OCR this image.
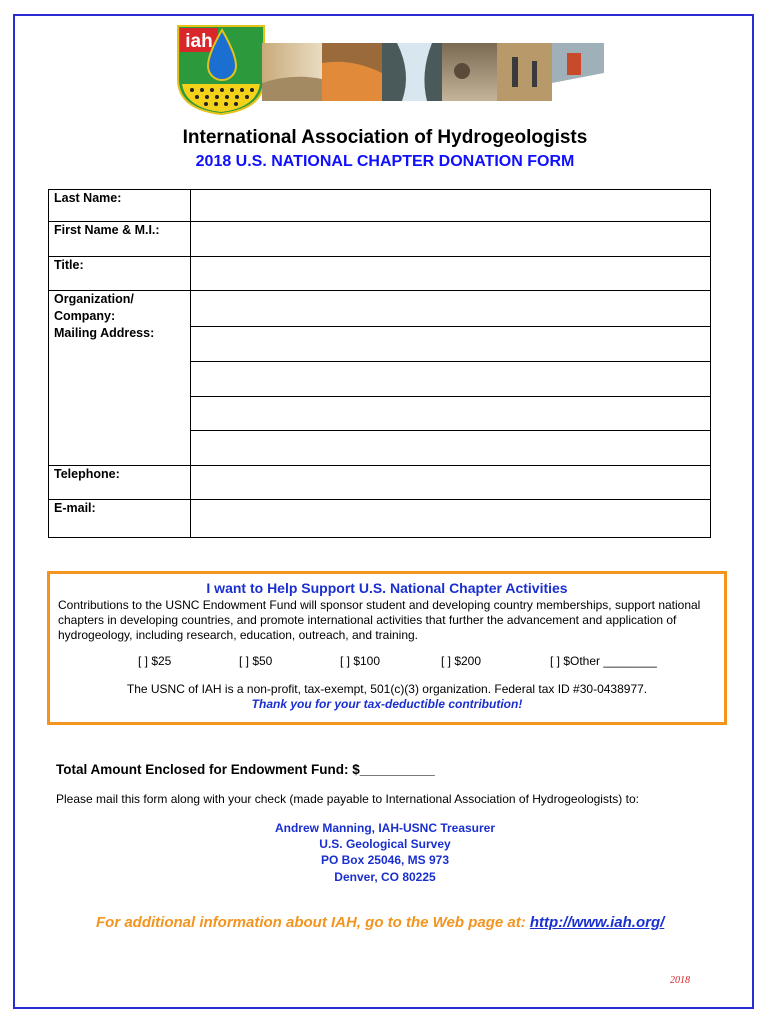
iah
International Association of Hydrogeologists
2018 U.S. NATIONAL CHAPTER DONATION FORM
Last Name:	
First Name & M.I.:	
Title:	

Organization/
Company:
Mailing Address:	

Telephone:	
E-mail:	
I want to Help Support U.S. National Chapter Activities
Contributions to the USNC Endowment Fund will sponsor student and developing country memberships, support national chapters in developing countries, and promote international activities that further the advancement and application of hydrogeology, including research, education, outreach, and training.
[ ] $25	[ ] $50	[ ] $100	[ ] $200	[ ] $Other ________
The USNC of IAH is a non-profit, tax-exempt, 501(c)(3) organization. Federal tax ID #30-0438977.
Thank you for your tax-deductible contribution!
Total Amount Enclosed for Endowment Fund: $__________
Please mail this form along with your check (made payable to International Association of Hydrogeologists) to:
Andrew Manning, IAH-USNC Treasurer
U.S. Geological Survey
PO Box 25046, MS 973
Denver, CO 80225
For additional information about IAH, go to the Web page at: http://www.iah.org/
2018
